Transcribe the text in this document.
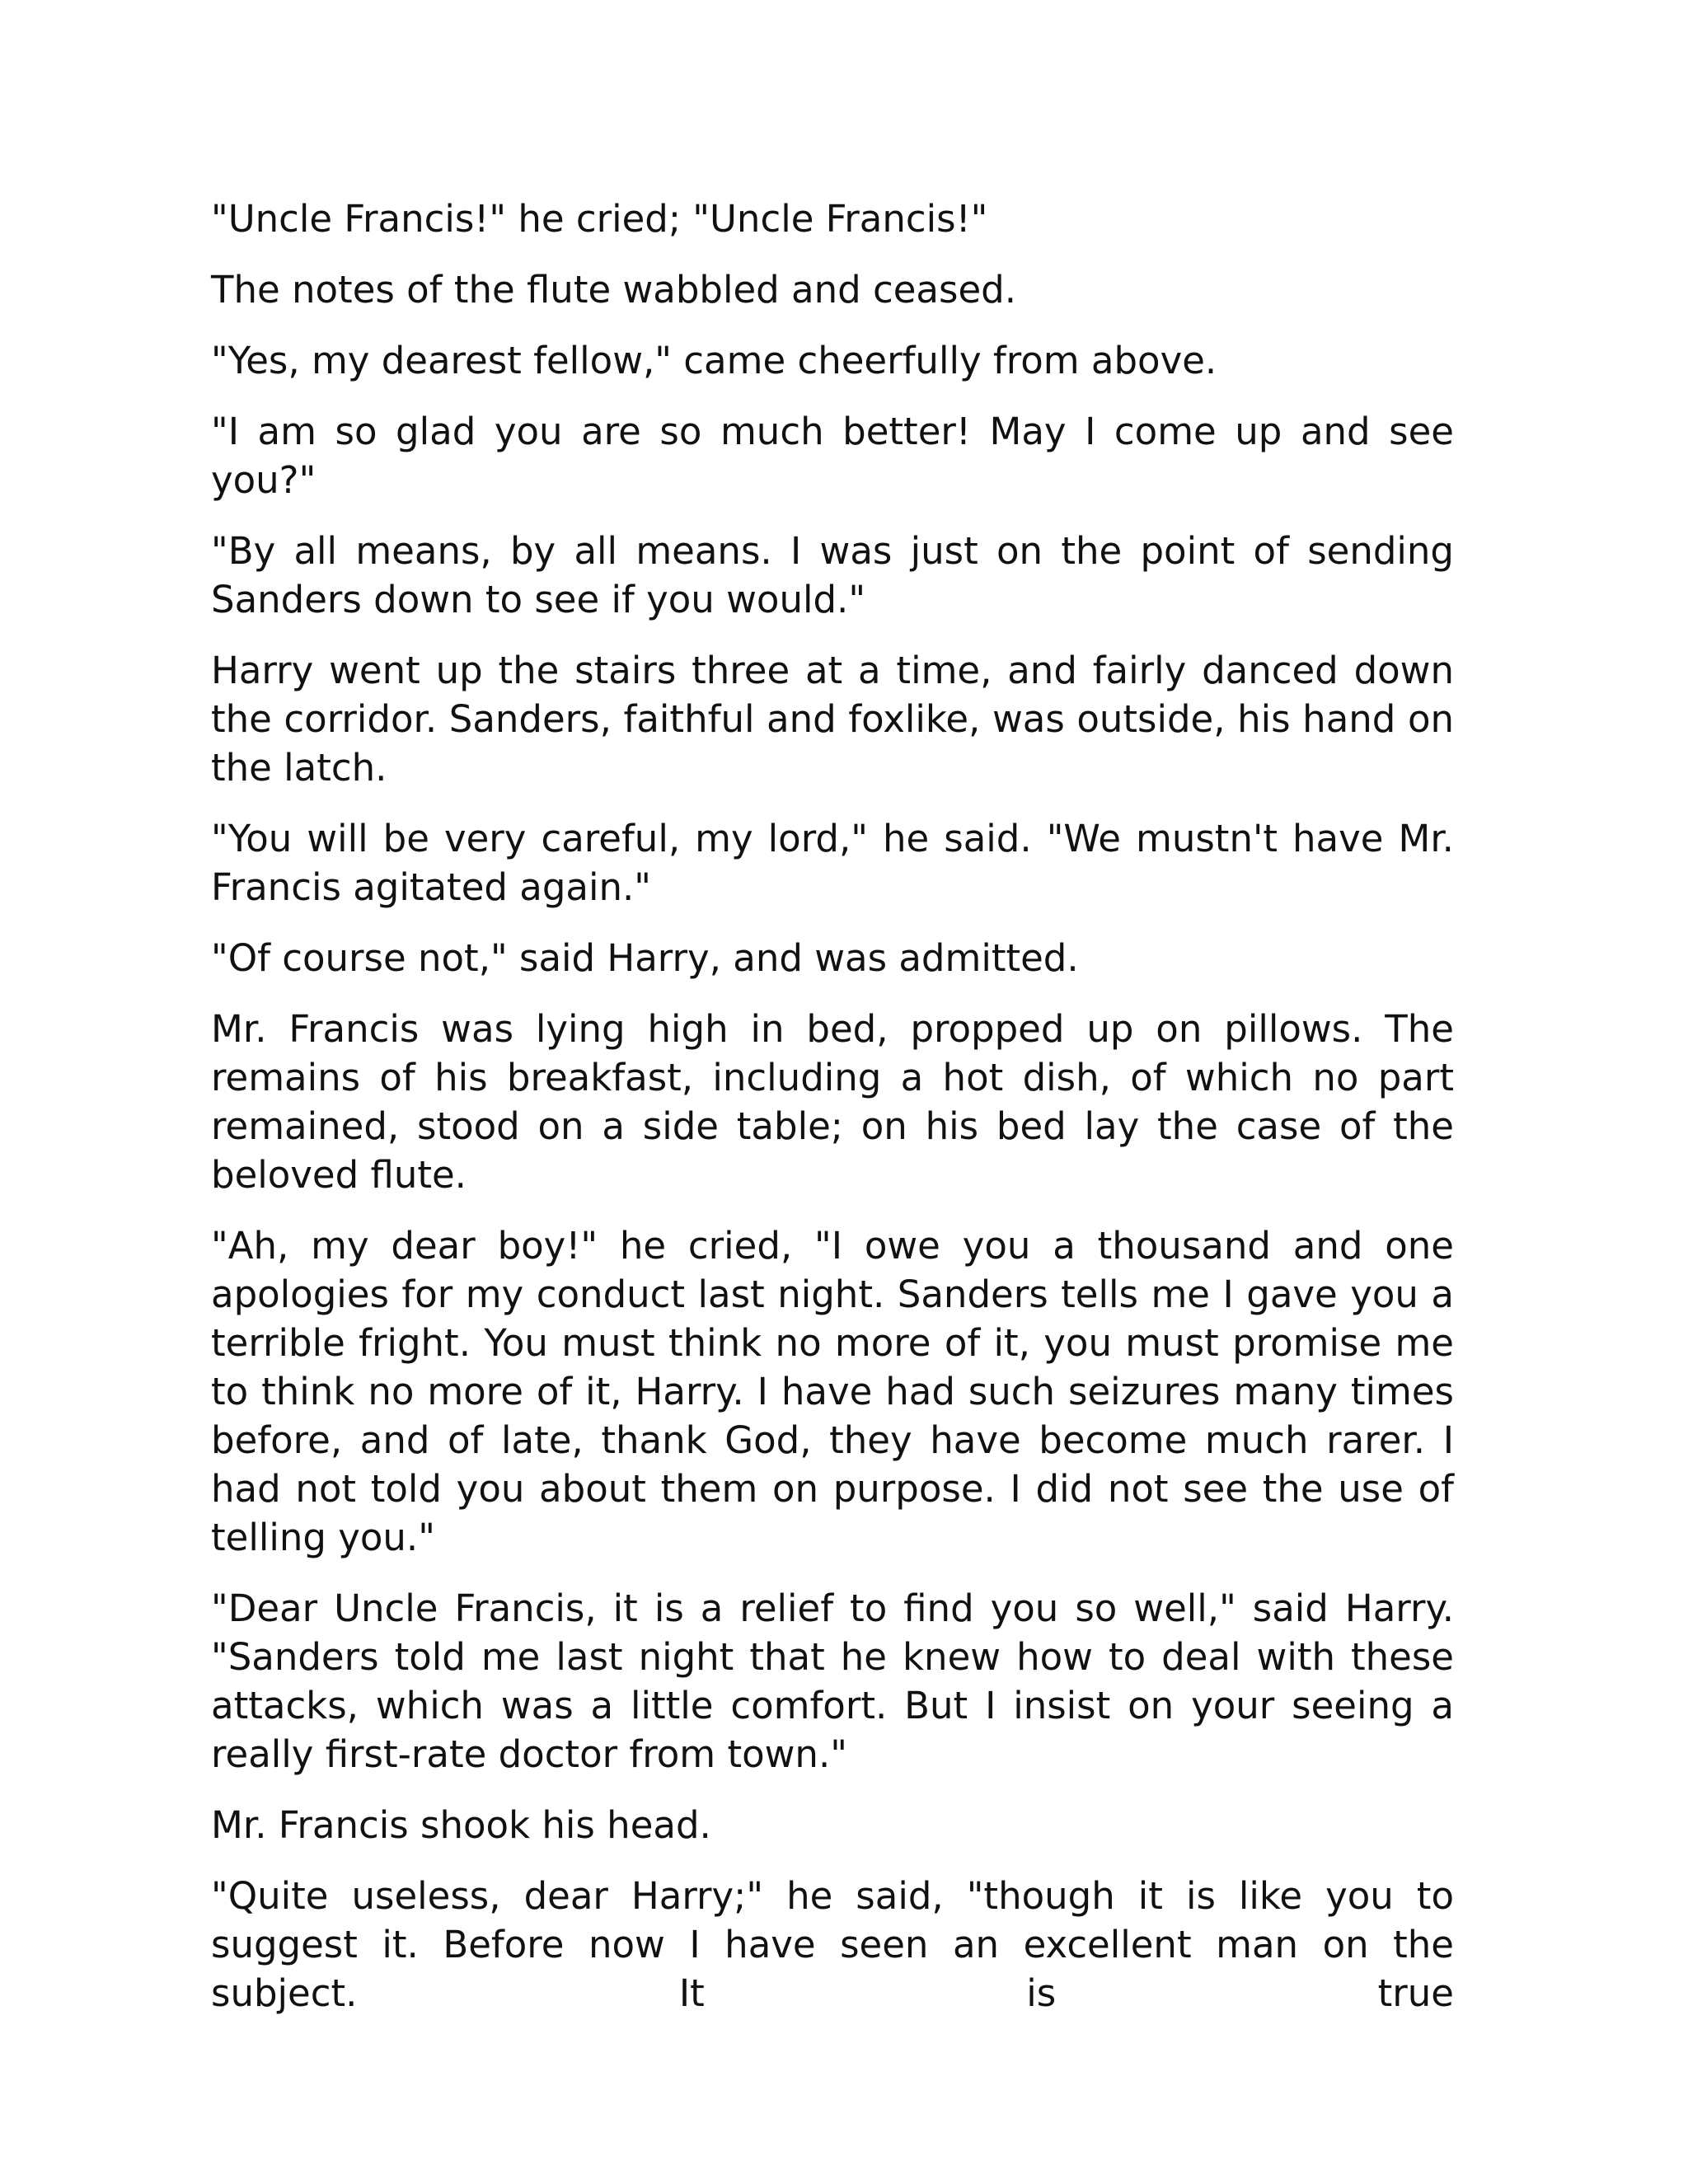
"Uncle Francis!" he cried; "Uncle Francis!"

The notes of the flute wabbled and ceased.

"Yes, my dearest fellow," came cheerfully from above.

"I am so glad you are so much better! May I come up and see you?"

"By all means, by all means. I was just on the point of sending Sanders down to see if you would."

Harry went up the stairs three at a time, and fairly danced down the corridor. Sanders, faithful and foxlike, was outside, his hand on the latch.

"You will be very careful, my lord," he said. "We mustn't have Mr. Francis agitated again."

"Of course not," said Harry, and was admitted.

Mr. Francis was lying high in bed, propped up on pillows. The remains of his breakfast, including a hot dish, of which no part remained, stood on a side table; on his bed lay the case of the beloved flute.

"Ah, my dear boy!" he cried, "I owe you a thousand and one apologies for my conduct last night. Sanders tells me I gave you a terrible fright. You must think no more of it, you must promise me to think no more of it, Harry. I have had such seizures many times before, and of late, thank God, they have become much rarer. I had not told you about them on purpose. I did not see the use of telling you."

"Dear Uncle Francis, it is a relief to find you so well," said Harry. "Sanders told me last night that he knew how to deal with these attacks, which was a little comfort. But I insist on your seeing a really first-rate doctor from town."

Mr. Francis shook his head.

"Quite useless, dear Harry;" he said, "though it is like you to suggest it. Before now I have seen an excellent man on the subject. It is true
